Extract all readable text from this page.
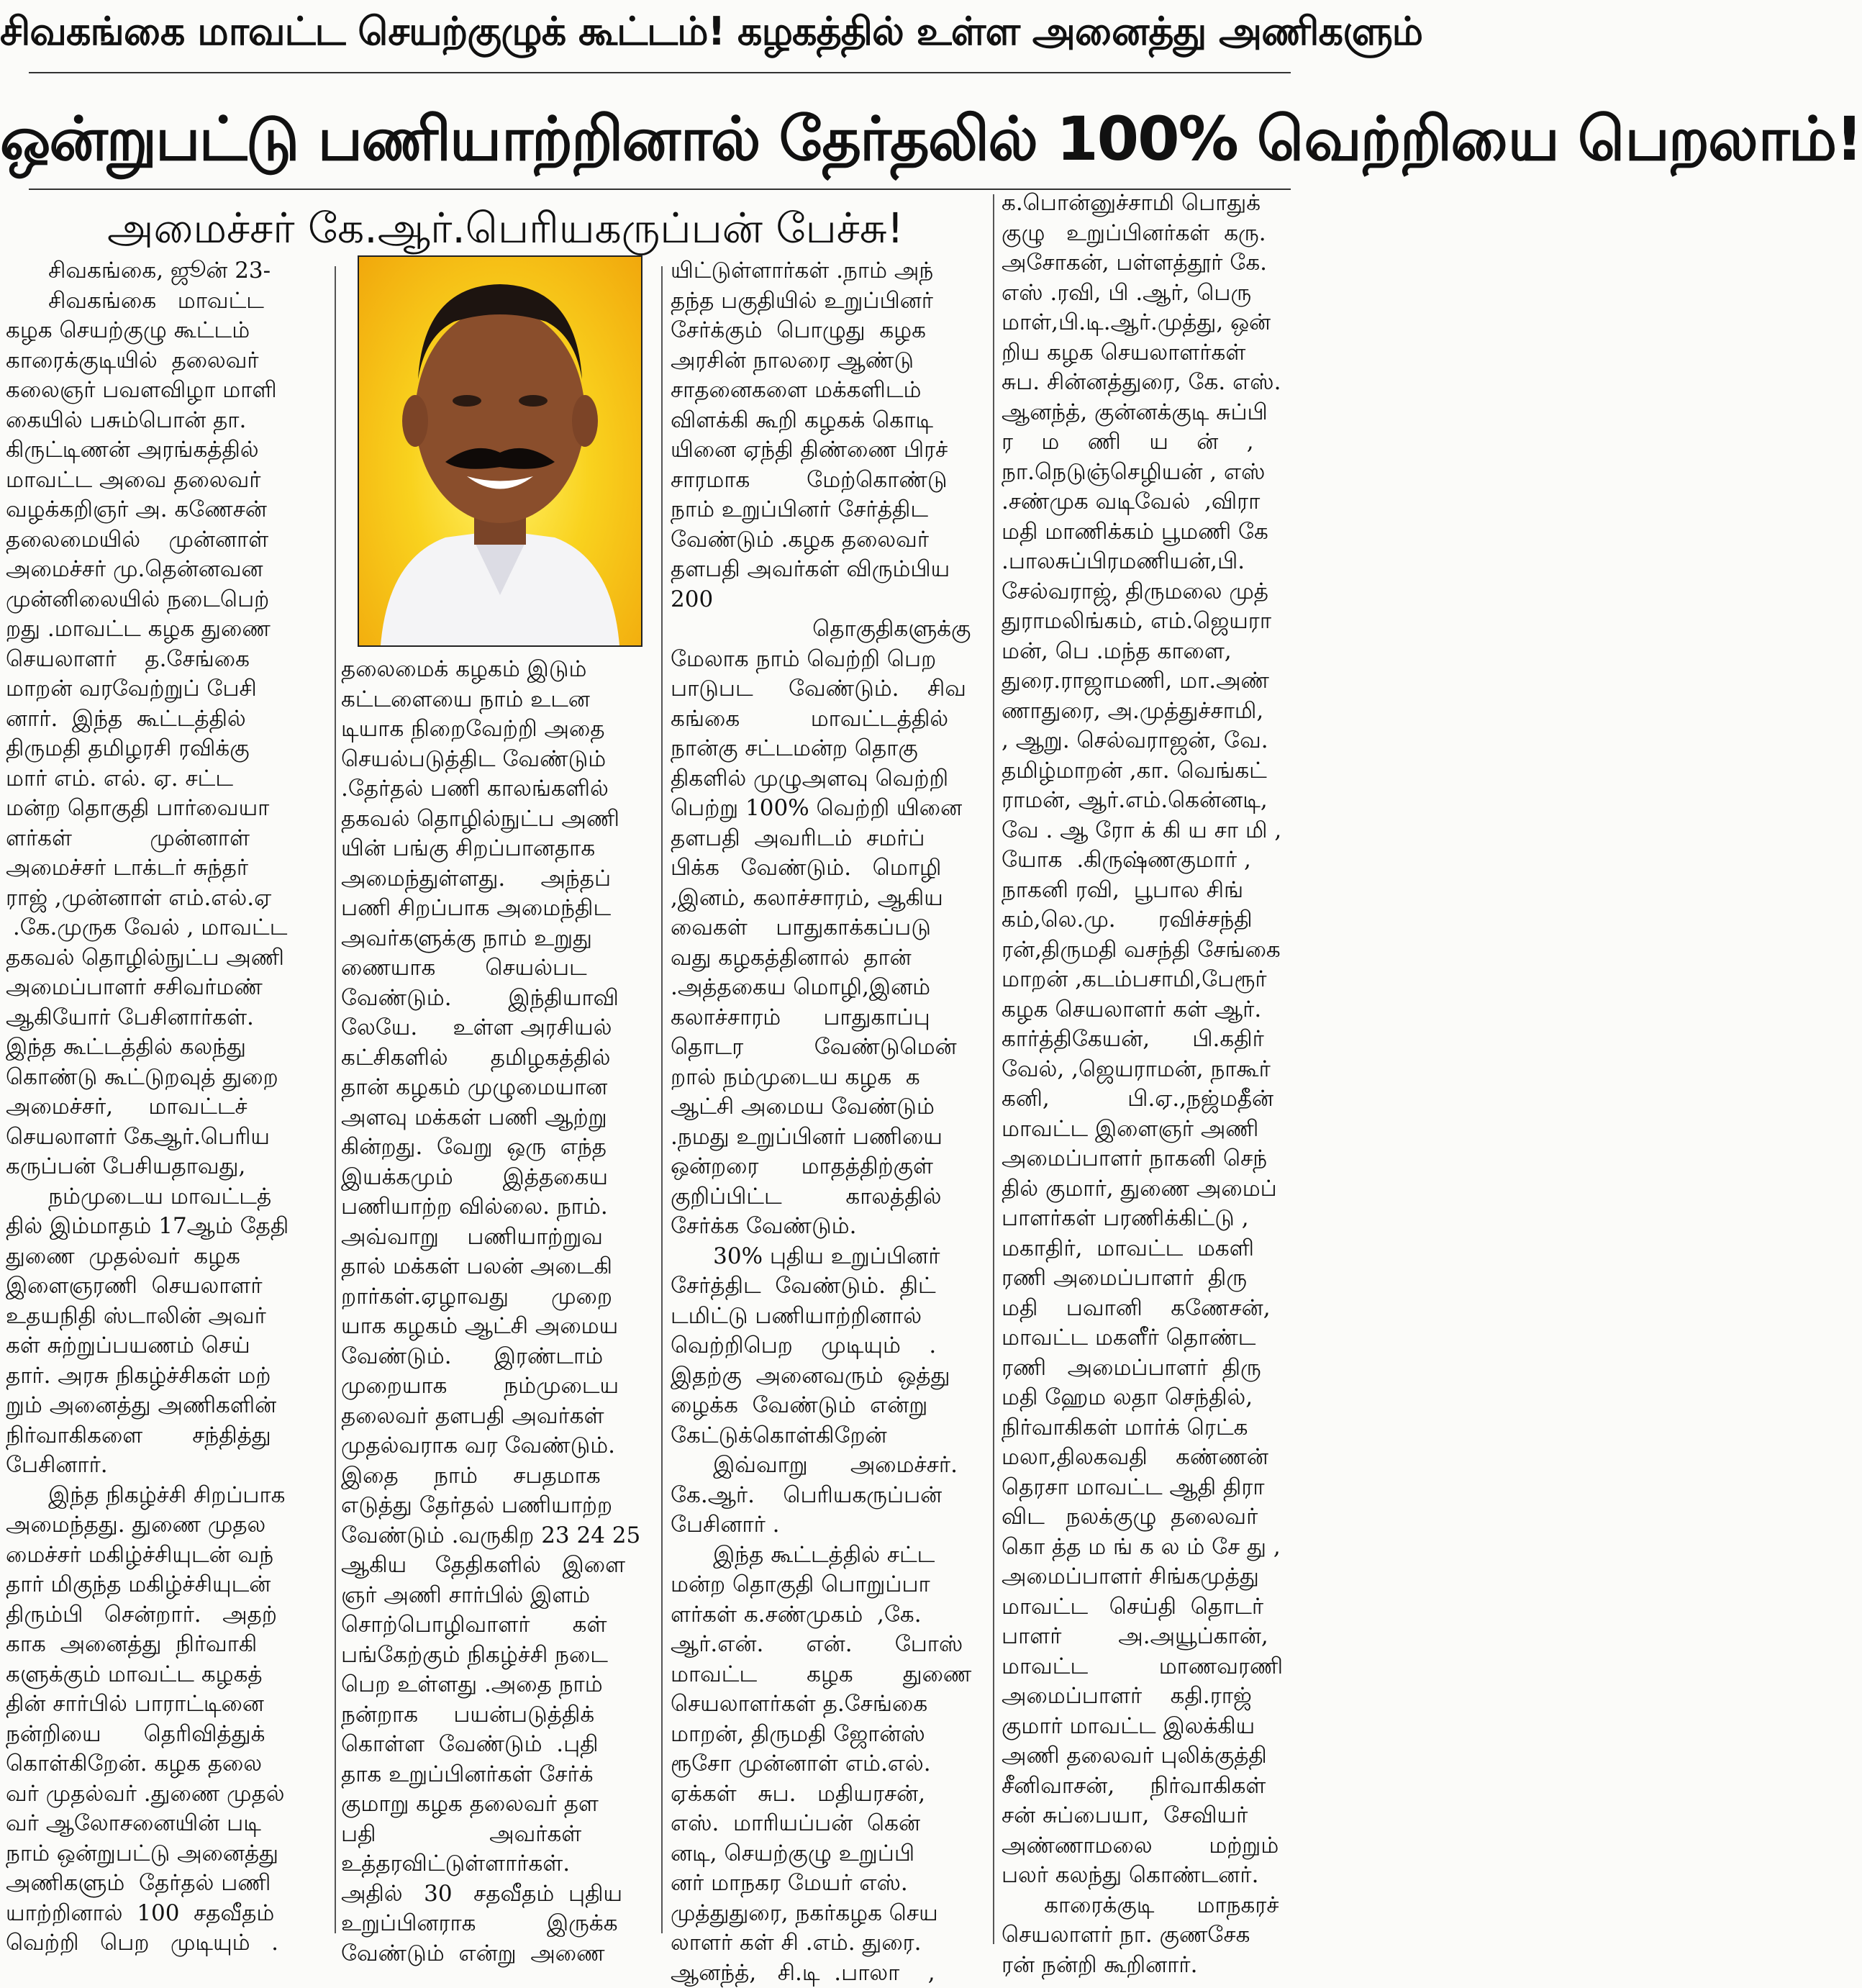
சிவகங்கை மாவட்ட செயற்குழுக் கூட்டம்! கழகத்தில் உள்ள அனைத்து அணிகளும்
ஒன்றுபட்டு பணியாற்றினால் தேர்தலில் 100% வெற்றியை பெறலாம்!
அமைச்சர் கே.ஆர்.பெரியகருப்பன் பேச்சு!

சிவகங்கை, ஜூன் 23-

சிவகங்கை   மாவட்ட

கழக செயற்குழு கூட்டம்

காரைக்குடியில்  தலைவர்

கலைஞர் பவளவிழா மாளி

கையில் பசும்பொன் தா.

கிருட்டிணன் அரங்கத்தில்

மாவட்ட அவை தலைவர்

வழக்கறிஞர் அ. கணேசன்

தலைமையில்    முன்னாள்

அமைச்சர் மு.தென்னவன

முன்னிலையில் நடைபெற்

றது .மாவட்ட கழக துணை

செயலாளர்    த.சேங்கை

மாறன் வரவேற்றுப் பேசி

னார்.  இந்த  கூட்டத்தில்

திருமதி தமிழரசி ரவிக்கு

மார் எம். எல். ஏ. சட்ட

மன்ற தொகுதி பார்வையா

ளர்கள்           முன்னாள்

அமைச்சர் டாக்டர் சுந்தர்

ராஜ் ,முன்னாள் எம்.எல்.ஏ

.கே.முருக வேல் , மாவட்ட

தகவல் தொழில்நுட்ப அணி

அமைப்பாளர் சசிவர்மண்

ஆகியோர் பேசினார்கள்.

இந்த கூட்டத்தில் கலந்து

கொண்டு கூட்டுறவுத் துறை

அமைச்சர்,     மாவட்டச்

செயலாளர் கேஆர்.பெரிய

கருப்பன் பேசியதாவது,

நம்முடைய மாவட்டத்

தில் இம்மாதம் 17ஆம் தேதி

துணை  முதல்வர்  கழக

இளைஞரணி  செயலாளர்

உதயநிதி ஸ்டாலின் அவர்

கள் சுற்றுப்பயணம் செய்

தார். அரசு நிகழ்ச்சிகள் மற்

றும் அனைத்து அணிகளின்

நிர்வாகிகளை       சந்தித்து

பேசினார்.

இந்த நிகழ்ச்சி சிறப்பாக

அமைந்தது. துணை முதல

மைச்சர் மகிழ்ச்சியுடன் வந்

தார் மிகுந்த மகிழ்ச்சியுடன்

திரும்பி   சென்றார்.   அதற்

காக  அனைத்து  நிர்வாகி

களுக்கும் மாவட்ட கழகத்

தின் சார்பில் பாராட்டினை

நன்றியை      தெரிவித்துக்

கொள்கிறேன். கழக தலை

வர் முதல்வர் .துணை முதல்

வர் ஆலோசனையின் படி

நாம் ஒன்றுபட்டு அனைத்து

அணிகளும்  தேர்தல் பணி

யாற்றினால்  100  சதவீதம்

வெற்றி   பெற   முடியும்   .

தலைமைக் கழகம் இடும்

கட்டளையை நாம் உடன

டியாக நிறைவேற்றி அதை

செயல்படுத்திட வேண்டும்

.தேர்தல் பணி காலங்களில்

தகவல் தொழில்நுட்ப அணி

யின் பங்கு சிறப்பானதாக

அமைந்துள்ளது.     அந்தப்

பணி சிறப்பாக அமைந்திட

அவர்களுக்கு நாம் உறுது

ணையாக       செயல்பட

வேண்டும்.        இந்தியாவி

லேயே.     உள்ள அரசியல்

கட்சிகளில்      தமிழகத்தில்

தான் கழகம் முழுமையான

அளவு மக்கள் பணி ஆற்று

கின்றது.  வேறு  ஒரு  எந்த

இயக்கமும்       இத்தகைய

பணியாற்ற வில்லை. நாம்.

அவ்வாறு    பணியாற்றுவ

தால் மக்கள் பலன் அடைகி

றார்கள்.ஏழாவது      முறை

யாக கழகம் ஆட்சி அமைய

வேண்டும்.      இரண்டாம்

முறையாக        நம்முடைய

தலைவர் தளபதி அவர்கள்

முதல்வராக வர வேண்டும்.

இதை     நாம்     சபதமாக

எடுத்து தேர்தல் பணியாற்ற

வேண்டும் .வருகிற 23 24 25

ஆகிய    தேதிகளில்   இளை

ஞர் அணி சார்பில் இளம்

சொற்பொழிவாளர்      கள்

பங்கேற்கும் நிகழ்ச்சி நடை

பெற உள்ளது .அதை நாம்

நன்றாக     பயன்படுத்திக்

கொள்ள  வேண்டும்  .புதி

தாக உறுப்பினர்கள் சேர்க்

குமாறு கழக தலைவர் தள

பதி                அவர்கள்

உத்தரவிட்டுள்ளார்கள்.

அதில்   30   சதவீதம்  புதிய

உறுப்பினராக          இருக்க

வேண்டும்  என்று  அணை

யிட்டுள்ளார்கள் .நாம் அந்

தந்த பகுதியில் உறுப்பினர்

சேர்க்கும்  பொழுது  கழக

அரசின் நாலரை ஆண்டு

சாதனைகளை மக்களிடம்

விளக்கி கூறி கழகக் கொடி

யினை ஏந்தி திண்ணை பிரச்

சாரமாக        மேற்கொண்டு

நாம் உறுப்பினர் சேர்த்திட

வேண்டும் .கழக தலைவர்

தளபதி அவர்கள் விரும்பிய

200

தொகுதிகளுக்கு

மேலாக நாம் வெற்றி பெற

பாடுபட     வேண்டும்.    சிவ

கங்கை          மாவட்டத்தில்

நான்கு சட்டமன்ற தொகு

திகளில் முழுஅளவு வெற்றி

பெற்று 100% வெற்றி யினை

தளபதி  அவரிடம்  சமர்ப்

பிக்க   வேண்டும்.   மொழி

,இனம், கலாச்சாரம், ஆகிய

வைகள்    பாதுகாக்கப்படு

வது கழகத்தினால்  தான்

.அத்தகைய மொழி,இனம்

கலாச்சாரம்      பாதுகாப்பு

தொடர          வேண்டுமென்

றால் நம்முடைய கழக  க

ஆட்சி அமைய வேண்டும்

.நமது உறுப்பினர் பணியை

ஒன்றரை      மாதத்திற்குள்

குறிப்பிட்ட         காலத்தில்

சேர்க்க வேண்டும்.

30% புதிய உறுப்பினர்

சேர்த்திட  வேண்டும்.  திட்

டமிட்டு பணியாற்றினால்

வெற்றிபெற    முடியும்    .

இதற்கு  அனைவரும்  ஒத்து

ழைக்க  வேண்டும்  என்று

கேட்டுக்கொள்கிறேன்

இவ்வாறு      அமைச்சர்.

கே.ஆர்.    பெரியகருப்பன்

பேசினார் .

இந்த கூட்டத்தில் சட்ட

மன்ற தொகுதி பொறுப்பா

ளர்கள் க.சண்முகம்  ,கே.

ஆர்.என்.      என்.      போஸ்

மாவட்ட       கழக       துணை

செயலாளர்கள் த.சேங்கை

மாறன், திருமதி ஜோன்ஸ்

ரூசோ முன்னாள் எம்.எல்.

ஏக்கள்   சுப.   மதியரசன்,

எஸ்.  மாரியப்பன்  கென்

னடி, செயற்குழு உறுப்பி

னர் மாநகர மேயர் எஸ்.

முத்துதுரை, நகர்கழக செய

லாளர் கள் சி .எம். துரை.

ஆனந்த்,   சி.டி  .பாலா    ,

க.பொன்னுச்சாமி பொதுக்

குழு   உறுப்பினர்கள்  கரு.

அசோகன், பள்ளத்தூர் கே.

எஸ் .ரவி, பி .ஆர், பெரு

மாள்,பி.டி.ஆர்.முத்து, ஒன்

றிய கழக செயலாளர்கள்

சுப. சின்னத்துரை, கே. எஸ்.

ஆனந்த், குன்னக்குடி சுப்பி

ர    ம    ணி    ய    ன்    ,

நா.நெடுஞ்செழியன் , எஸ்

.சண்முக வடிவேல்  ,விரா

மதி மாணிக்கம் பூமணி கே

.பாலசுப்பிரமணியன்,பி.

சேல்வராஜ், திருமலை முத்

துராமலிங்கம், எம்.ஜெயரா

மன், பெ .மந்த காளை,

துரை.ராஜாமணி, மா.அண்

ணாதுரை, அ.முத்துச்சாமி,

, ஆறு. செல்வராஜன், வே.

தமிழ்மாறன் ,கா. வெங்கட்

ராமன், ஆர்.எம்.கென்னடி,

வே . ஆ ரோ க் கி ய சா மி ,

யோக  .கிருஷ்ணகுமார் ,

நாகனி ரவி,  பூபால சிங்

கம்,லெ.மு.      ரவிச்சந்தி

ரன்,திருமதி வசந்தி சேங்கை

மாறன் ,கடம்பசாமி,பேரூர்

கழக செயலாளர் கள் ஆர்.

கார்த்திகேயன்,      பி.கதிர்

வேல், ,ஜெயராமன், நாகூர்

கனி,           பி.ஏ.,நஜ்மதீன்

மாவட்ட இளைஞர் அணி

அமைப்பாளர் நாகனி செந்

தில் குமார், துணை அமைப்

பாளர்கள் பரணிக்கிட்டு ,

மகாதிர்,  மாவட்ட  மகளி

ரணி அமைப்பாளர்  திரு

மதி    பவானி    கணேசன்,

மாவட்ட மகளீர் தொண்ட

ரணி   அமைப்பாளர்  திரு

மதி ஹேம லதா செந்தில்,

நிர்வாகிகள் மார்க் ரெட்க

மலா,திலகவதி    கண்ணன்

தெரசா மாவட்ட ஆதி திரா

விட   நலக்குழு  தலைவர்

கொ த்த ம ங் க ல ம் சே து ,

அமைப்பாளர் சிங்கமுத்து

மாவட்ட   செய்தி  தொடர்

பாளர்        அ.அயூப்கான்,

மாவட்ட          மாணவரணி

அமைப்பாளர்    கதி.ராஜ்

குமார் மாவட்ட இலக்கிய

அணி தலைவர் புலிக்குத்தி

சீனிவாசன்,     நிர்வாகிகள்

சன் சுப்பையா,  சேவியர்

அண்ணாமலை        மற்றும்

பலர் கலந்து கொண்டனர்.

காரைக்குடி      மாநகரச்

செயலாளர் நா. குணசேக

ரன் நன்றி கூறினார்.
